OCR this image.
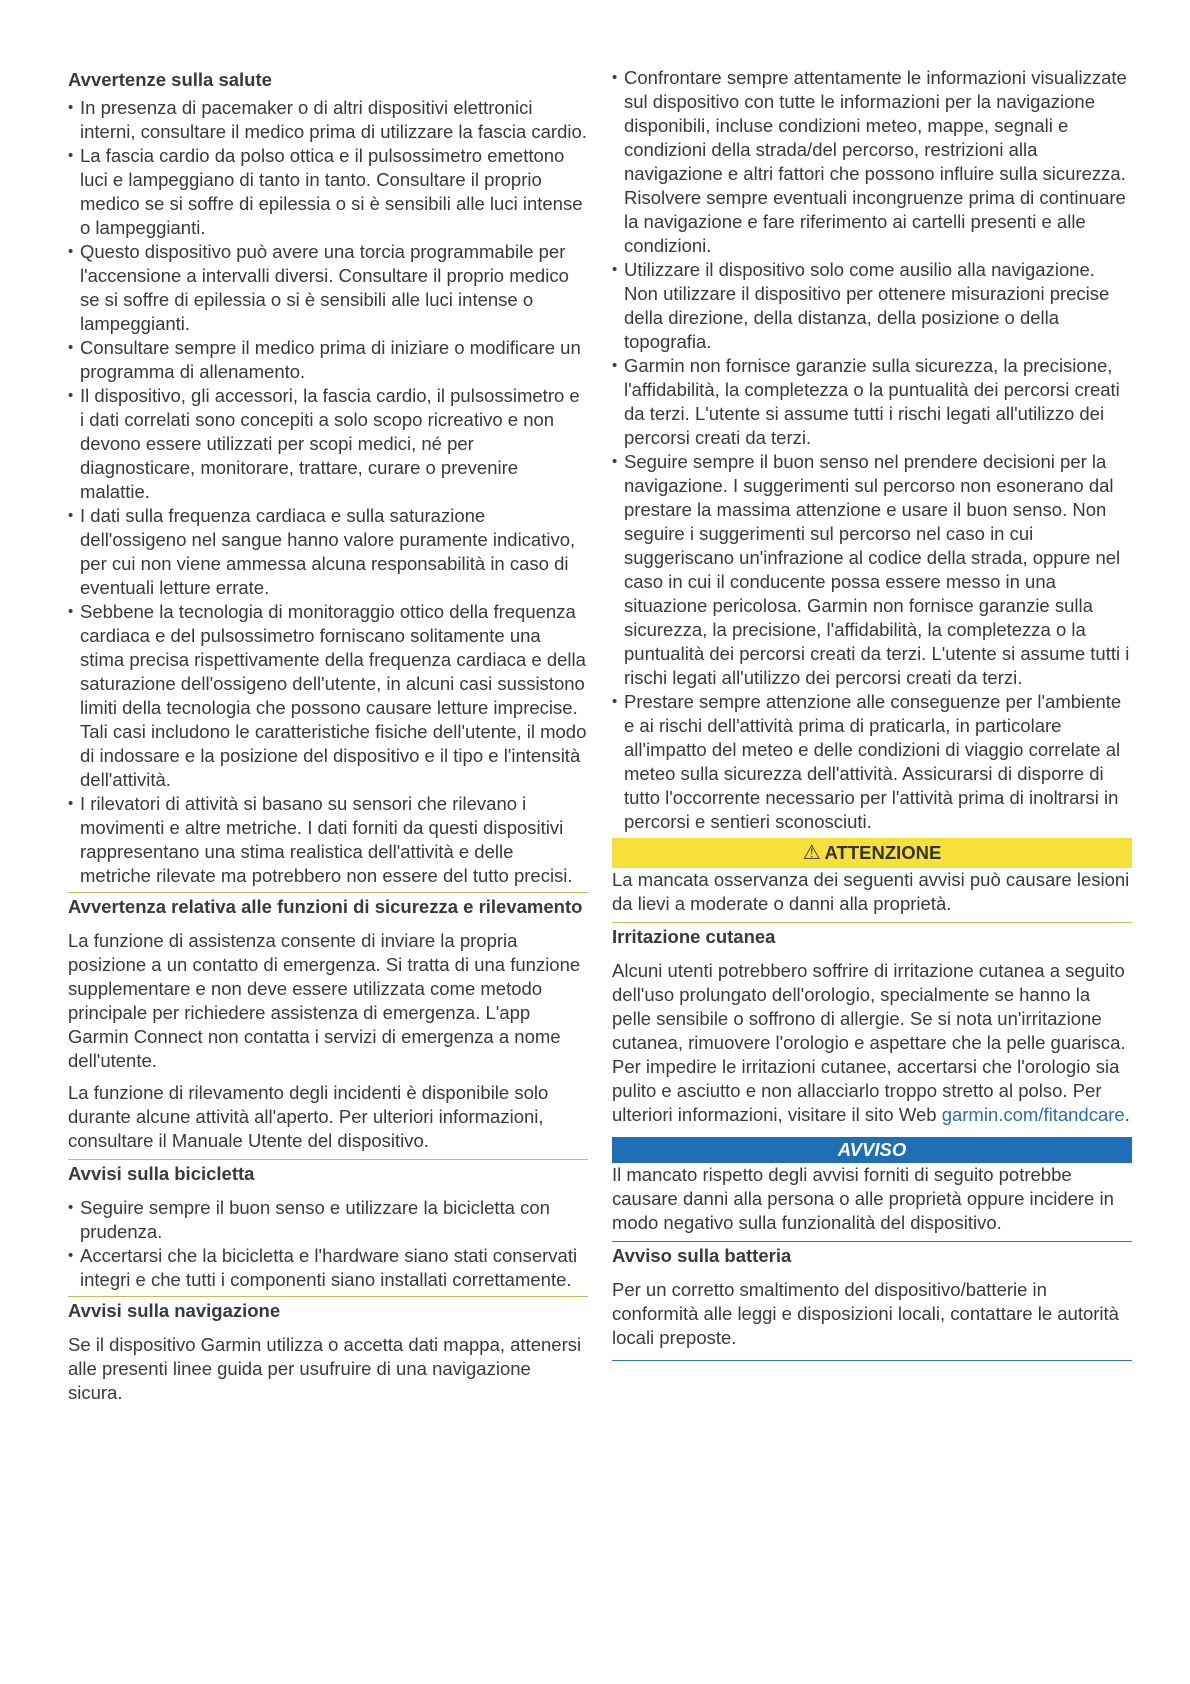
Avvertenze sulla salute
• In presenza di pacemaker o di altri dispositivi elettronici interni, consultare il medico prima di utilizzare la fascia cardio.
• La fascia cardio da polso ottica e il pulsossimetro emettono luci e lampeggiano di tanto in tanto. Consultare il proprio medico se si soffre di epilessia o si è sensibili alle luci intense o lampeggianti.
• Questo dispositivo può avere una torcia programmabile per l'accensione a intervalli diversi. Consultare il proprio medico se si soffre di epilessia o si è sensibili alle luci intense o lampeggianti.
• Consultare sempre il medico prima di iniziare o modificare un programma di allenamento.
• Il dispositivo, gli accessori, la fascia cardio, il pulsossimetro e i dati correlati sono concepiti a solo scopo ricreativo e non devono essere utilizzati per scopi medici, né per diagnosticare, monitorare, trattare, curare o prevenire malattie.
• I dati sulla frequenza cardiaca e sulla saturazione dell'ossigeno nel sangue hanno valore puramente indicativo, per cui non viene ammessa alcuna responsabilità in caso di eventuali letture errate.
• Sebbene la tecnologia di monitoraggio ottico della frequenza cardiaca e del pulsossimetro forniscano solitamente una stima precisa rispettivamente della frequenza cardiaca e della saturazione dell'ossigeno dell'utente, in alcuni casi sussistono limiti della tecnologia che possono causare letture imprecise. Tali casi includono le caratteristiche fisiche dell'utente, il modo di indossare e la posizione del dispositivo e il tipo e l'intensità dell'attività.
• I rilevatori di attività si basano su sensori che rilevano i movimenti e altre metriche. I dati forniti da questi dispositivi rappresentano una stima realistica dell'attività e delle metriche rilevate ma potrebbero non essere del tutto precisi.
Avvertenza relativa alle funzioni di sicurezza e rilevamento

La funzione di assistenza consente di inviare la propria posizione a un contatto di emergenza. Si tratta di una funzione supplementare e non deve essere utilizzata come metodo principale per richiedere assistenza di emergenza. L'app Garmin Connect non contatta i servizi di emergenza a nome dell'utente.

La funzione di rilevamento degli incidenti è disponibile solo durante alcune attività all'aperto. Per ulteriori informazioni, consultare il Manuale Utente del dispositivo.

Avvisi sulla bicicletta
• Seguire sempre il buon senso e utilizzare la bicicletta con prudenza.
• Accertarsi che la bicicletta e l'hardware siano stati conservati integri e che tutti i componenti siano installati correttamente.
Avvisi sulla navigazione

Se il dispositivo Garmin utilizza o accetta dati mappa, attenersi alle presenti linee guida per usufruire di una navigazione sicura.

• Confrontare sempre attentamente le informazioni visualizzate sul dispositivo con tutte le informazioni per la navigazione disponibili, incluse condizioni meteo, mappe, segnali e condizioni della strada/del percorso, restrizioni alla navigazione e altri fattori che possono influire sulla sicurezza. Risolvere sempre eventuali incongruenze prima di continuare la navigazione e fare riferimento ai cartelli presenti e alle condizioni.
• Utilizzare il dispositivo solo come ausilio alla navigazione. Non utilizzare il dispositivo per ottenere misurazioni precise della direzione, della distanza, della posizione o della topografia.
• Garmin non fornisce garanzie sulla sicurezza, la precisione, l'affidabilità, la completezza o la puntualità dei percorsi creati da terzi. L'utente si assume tutti i rischi legati all'utilizzo dei percorsi creati da terzi.
• Seguire sempre il buon senso nel prendere decisioni per la navigazione. I suggerimenti sul percorso non esonerano dal prestare la massima attenzione e usare il buon senso. Non seguire i suggerimenti sul percorso nel caso in cui suggeriscano un'infrazione al codice della strada, oppure nel caso in cui il conducente possa essere messo in una situazione pericolosa. Garmin non fornisce garanzie sulla sicurezza, la precisione, l'affidabilità, la completezza o la puntualità dei percorsi creati da terzi. L'utente si assume tutti i rischi legati all'utilizzo dei percorsi creati da terzi.
• Prestare sempre attenzione alle conseguenze per l'ambiente e ai rischi dell'attività prima di praticarla, in particolare all'impatto del meteo e delle condizioni di viaggio correlate al meteo sulla sicurezza dell'attività. Assicurarsi di disporre di tutto l'occorrente necessario per l'attività prima di inoltrarsi in percorsi e sentieri sconosciuti.
⚠ ATTENZIONE

La mancata osservanza dei seguenti avvisi può causare lesioni da lievi a moderate o danni alla proprietà.

Irritazione cutanea

Alcuni utenti potrebbero soffrire di irritazione cutanea a seguito dell'uso prolungato dell'orologio, specialmente se hanno la pelle sensibile o soffrono di allergie. Se si nota un'irritazione cutanea, rimuovere l'orologio e aspettare che la pelle guarisca. Per impedire le irritazioni cutanee, accertarsi che l'orologio sia pulito e asciutto e non allacciarlo troppo stretto al polso. Per ulteriori informazioni, visitare il sito Web garmin.com/fitandcare.

AVVISO

Il mancato rispetto degli avvisi forniti di seguito potrebbe causare danni alla persona o alle proprietà oppure incidere in modo negativo sulla funzionalità del dispositivo.

Avviso sulla batteria

Per un corretto smaltimento del dispositivo/batterie in conformità alle leggi e disposizioni locali, contattare le autorità locali preposte.
